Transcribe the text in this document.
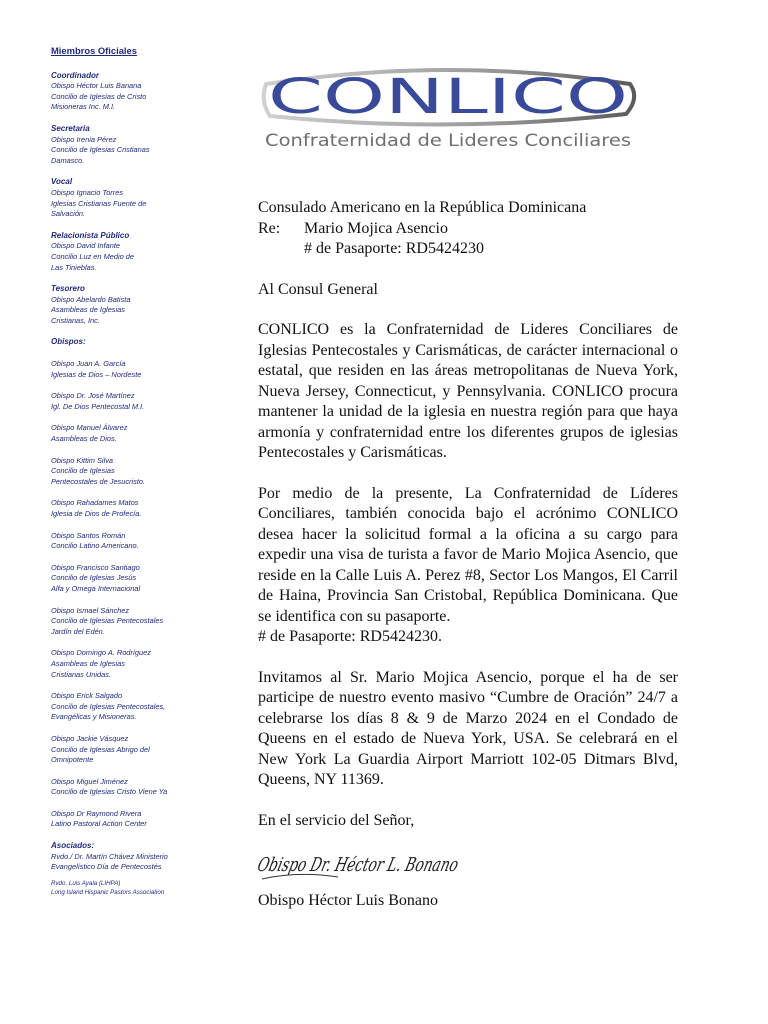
Miembros Oficiales
Coordinador
Obispo Héctor Luis Banana
Concilio de Iglesias de Cristo
Misioneras Inc. M.I.
Secretaria
Obispo Irenia Pérez
Concilio de Iglesias Cristianas
Damasco.
Vocal
Obispo Ignacio Torres
Iglesias Cristianas Fuente de
Salvación.
Relacionista Público
Obispo David Infante
Concilio Luz en Medio de
Las Tinieblas.
Tesorero
Obispo Abelardo Batista
Asambleas de Iglesias
Cristianas, Inc.
Obispos:
Obispo Juan A. García
Iglesias de Dios – Nordeste
Obispo Dr. José Martínez
Igl. De Dios Pentecostal M.I.
Obispo Manuel Álvarez
Asambleas de Dios.
Obispo Kittim Silva
Concilio de Iglesias
Pentecostales de Jesucristo.
Obispo Rahadames Matos
Iglesia de Dios de Profecía.
Obispo Santos Román
Concilio Latino Americano.
Obispo Francisco Santiago
Concilio de Iglesias Jesús
Alfa y Omega Internacional
Obispo Ismael Sánchez
Concilio de Iglesias Pentecostales
Jardín del Edén.
Obispo Domingo A. Rodríguez
Asambleas de Iglesias
Cristianas Unidas.
Obispo Erick Salgado
Concilio de Iglesias Pentecostales,
Evangélicas y Misioneras.
Obispo Jackie Vásquez
Concilio de Iglesias Abrigo del
Omnipotente
Obispo Miguel Jiménez
Concilio de Iglesias Cristo Viene Ya
Obispo Dr Raymond Rivera
Latino Pastoral Action Center
Asociados:
Rvdo./ Dr. Martín Chávez Ministerio
Evangelístico Día de Pentecostés
Rvdo. Luis Ayala (LIHPA)
Long Island Hispanic Pastors Association
CONLICO
Confraternidad de Lideres Conciliares

Consulado Americano en la República Dominicana

Re:	Mario Mojica Asencio

# de Pasaporte: RD5424230

Al Consul General

CONLICO es la Confraternidad de Lideres Conciliares de Iglesias Pentecostales y Carismáticas, de carácter internacional o estatal, que residen en las áreas metropolitanas de Nueva York, Nueva Jersey, Connecticut, y Pennsylvania. CONLICO procura mantener la unidad de la iglesia en nuestra región para que haya armonía y confraternidad entre los diferentes grupos de iglesias Pentecostales y Carismáticas.

Por medio de la presente, La Confraternidad de Líderes Conciliares, también conocida bajo el acrónimo CONLICO desea hacer la solicitud formal a la oficina a su cargo para expedir una visa de turista a favor de Mario Mojica Asencio, que reside en la Calle Luis A. Perez #8, Sector Los Mangos, El Carril de Haina, Provincia San Cristobal, República Dominicana. Que se identifica con su pasaporte.

# de Pasaporte: RD5424230.

Invitamos al Sr. Mario Mojica Asencio, porque el ha de ser participe de nuestro evento masivo “Cumbre de Oración” 24/7 a celebrarse los días 8 & 9 de Marzo 2024 en el Condado de Queens en el estado de Nueva York, USA. Se celebrará en el New York La Guardia Airport Marriott 102-05 Ditmars Blvd, Queens, NY 11369.

En el servicio del Señor,

Obispo Dr. Héctor L. Bonano

Obispo Héctor Luis Bonano
